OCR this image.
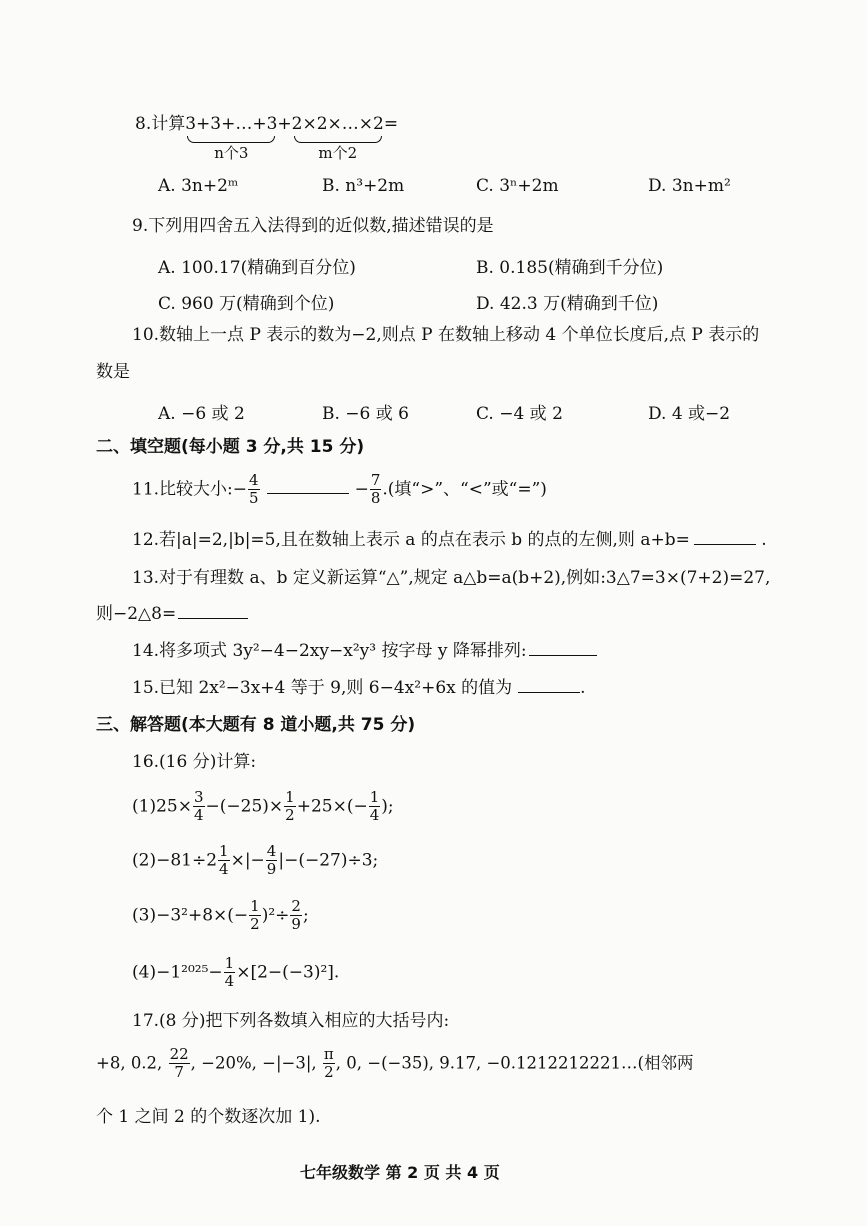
8.计算 3+3+…+3
n个3
+ 2×2×…×2
m个2
=
A. 3n+2ᵐ	B. n³+2m	C. 3ⁿ+2m	D. 3n+m²
9.下列用四舍五入法得到的近似数,描述错误的是
A. 100.17(精确到百分位)	B. 0.185(精确到千分位)
C. 960 万(精确到个位)	D. 42.3 万(精确到千位)
10.数轴上一点 P 表示的数为−2,则点 P 在数轴上移动 4 个单位长度后,点 P 表示的
数是
A. −6 或 2	B. −6 或 6	C. −4 或 2	D. 4 或−2
二、填空题(每小题 3 分,共 15 分)
11.比较大小:− $\frac{4}{5}$	− $\frac{7}{8}$ .(填“>”、“<”或“=”)
12.若|a|=2,|b|=5,且在数轴上表示 a 的点在表示 b 的点的左侧,则 a+b=	.
13.对于有理数 a、b 定义新运算“△”,规定 a△b=a(b+2),例如:3△7=3×(7+2)=27,
则−2△8=
14.将多项式 3y²−4−2xy−x²y³ 按字母 y 降幂排列:
15.已知 2x²−3x+4 等于 9,则 6−4x²+6x 的值为	.
三、解答题(本大题有 8 道小题,共 75 分)
16.(16 分)计算:
$(1)25\times \frac{3}{4} -(-25)\times \frac{1}{2} +25\times(- \frac{1}{4}$ );
$(2)-81\div 2 \frac{1}{4}$ ×|− $\frac{4}{9} |-(-27)\div 3$;
$(3)-3^2+8\times(- \frac{1}{2} )^2\div \frac{2}{9}$ ;
$(4)-1^{2025}- \frac{1}{4} \times[2-(-3)^2]$.
17.(8 分)把下列各数填入相应的大括号内:
+8, 0.2, $\frac{22}{7}$ , −20%, −|−3|, $\frac{\pi}{2}$ , 0, −(−35), 9.17, −0.1212212221…(相邻两
个 1 之间 2 的个数逐次加 1).
七年级数学 第 2 页 共 4 页
